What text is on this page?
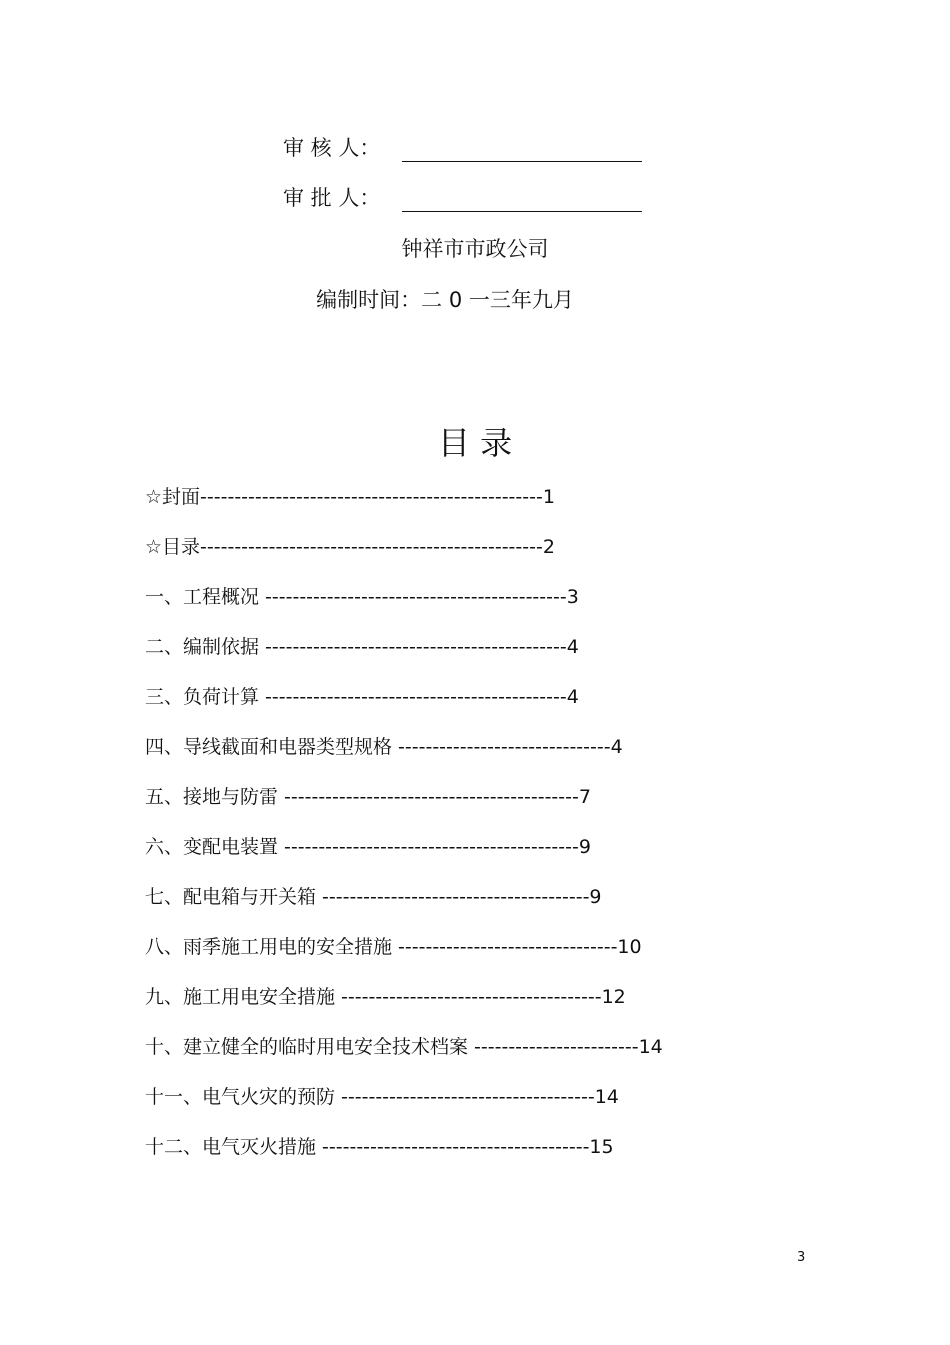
审 核 人：
审 批 人：
钟祥市市政公司
编制时间：二 0 一三年九月
目 录
☆封面--------------------------------------------------1
☆目录--------------------------------------------------2
一、工程概况 --------------------------------------------3
二、编制依据 --------------------------------------------4
三、负荷计算 --------------------------------------------4
四、导线截面和电器类型规格 -------------------------------4
五、接地与防雷 -------------------------------------------7
六、变配电装置 -------------------------------------------9
七、配电箱与开关箱 ---------------------------------------9
八、雨季施工用电的安全措施 --------------------------------10
九、施工用电安全措施 --------------------------------------12
十、建立健全的临时用电安全技术档案 ------------------------14
十一、电气火灾的预防 -------------------------------------14
十二、电气灭火措施 ---------------------------------------15
3
